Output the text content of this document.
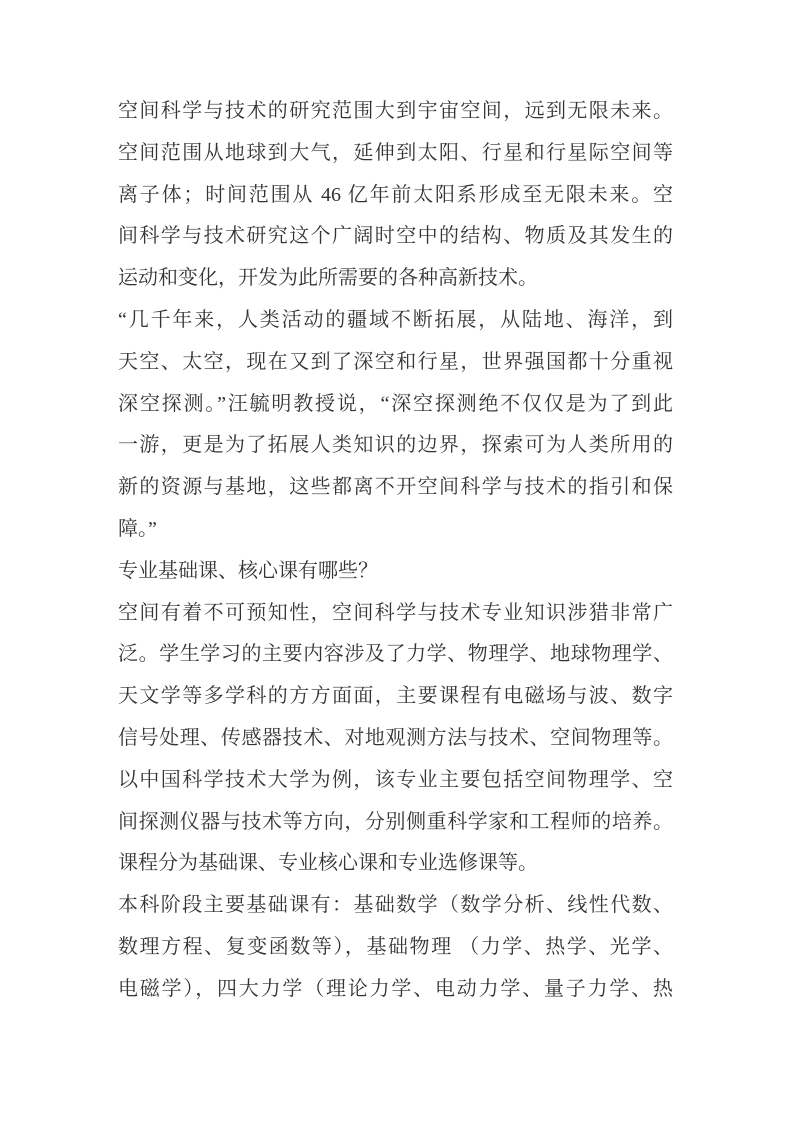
空间科学与技术的研究范围大到宇宙空间，远到无限未来。
空间范围从地球到大气，延伸到太阳、行星和行星际空间等
离子体；时间范围从 46 亿年前太阳系形成至无限未来。空
间科学与技术研究这个广阔时空中的结构、物质及其发生的
运动和变化，开发为此所需要的各种高新技术。
“几千年来，人类活动的疆域不断拓展，从陆地、海洋，到
天空、太空，现在又到了深空和行星，世界强国都十分重视
深空探测。”汪毓明教授说，“深空探测绝不仅仅是为了到此
一游，更是为了拓展人类知识的边界，探索可为人类所用的
新的资源与基地，这些都离不开空间科学与技术的指引和保
障。”
专业基础课、核心课有哪些？
空间有着不可预知性，空间科学与技术专业知识涉猎非常广
泛。学生学习的主要内容涉及了力学、物理学、地球物理学、
天文学等多学科的方方面面，主要课程有电磁场与波、数字
信号处理、传感器技术、对地观测方法与技术、空间物理等。
以中国科学技术大学为例，该专业主要包括空间物理学、空
间探测仪器与技术等方向，分别侧重科学家和工程师的培养。
课程分为基础课、专业核心课和专业选修课等。
本科阶段主要基础课有：基础数学（数学分析、线性代数、
数理方程、复变函数等），基础物理 （力学、热学、光学、
电磁学），四大力学（理论力学、电动力学、量子力学、热
